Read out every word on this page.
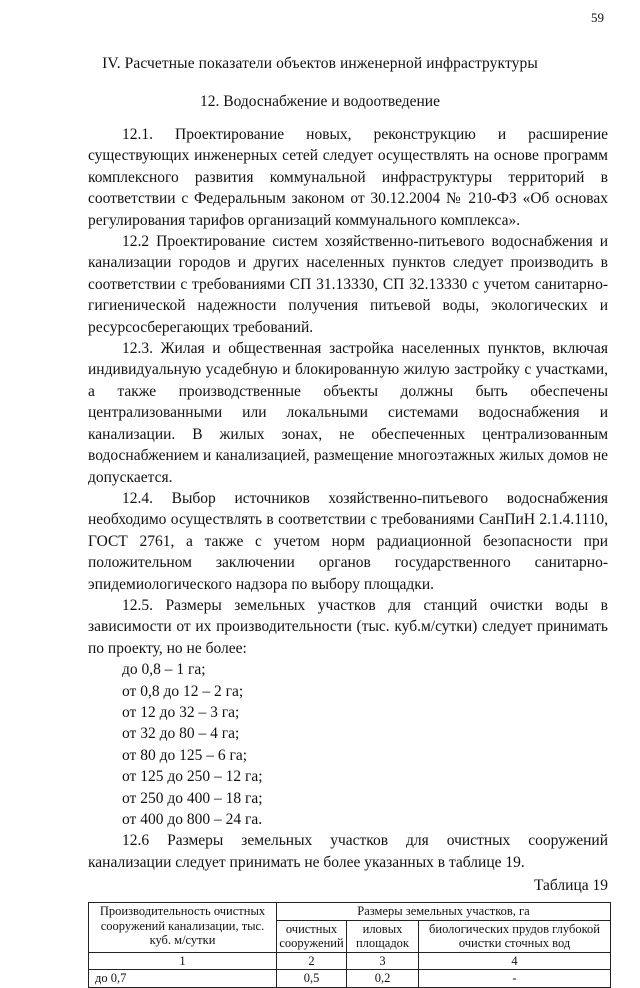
59
IV. Расчетные показатели объектов инженерной инфраструктуры
12. Водоснабжение и водоотведение

12.1. Проектирование новых, реконструкцию и расширение существующих инженерных сетей следует осуществлять на основе программ комплексного развития коммунальной инфраструктуры территорий в соответствии с Федеральным законом от 30.12.2004 № 210-ФЗ «Об основах регулирования тарифов организаций коммунального комплекса».

12.2 Проектирование систем хозяйственно-питьевого водоснабжения и канализации городов и других населенных пунктов следует производить в соответствии с требованиями СП 31.13330, СП 32.13330 с учетом санитарно-гигиенической надежности получения питьевой воды, экологических и ресурсосберегающих требований.

12.3. Жилая и общественная застройка населенных пунктов, включая индивидуальную усадебную и блокированную жилую застройку с участками, а также производственные объекты должны быть обеспечены централизованными или локальными системами водоснабжения и канализации. В жилых зонах, не обеспеченных централизованным водоснабжением и канализацией, размещение многоэтажных жилых домов не допускается.

12.4. Выбор источников хозяйственно-питьевого водоснабжения необходимо осуществлять в соответствии с требованиями СанПиН 2.1.4.1110, ГОСТ 2761, а также с учетом норм радиационной безопасности при положительном заключении органов государственного санитарно-эпидемиологического надзора по выбору площадки.

12.5. Размеры земельных участков для станций очистки воды в зависимости от их производительности (тыс. куб.м/сутки) следует принимать по проекту, но не более:

до 0,8 – 1 га;
от 0,8 до 12 – 2 га;
от 12 до 32 – 3 га;
от 32 до 80 – 4 га;
от 80 до 125 – 6 га;
от 125 до 250 – 12 га;
от 250 до 400 – 18 га;
от 400 до 800 – 24 га.

12.6 Размеры земельных участков для очистных сооружений канализации следует принимать не более указанных в таблице 19.

Таблица 19
Производительность очистных сооружений канализации, тыс. куб. м/сутки	Размеры земельных участков, га		
	очистных сооружений	иловых площадок	биологических прудов глубокой очистки сточных вод
1	2	3	4
до 0,7	0,5	0,2	-
